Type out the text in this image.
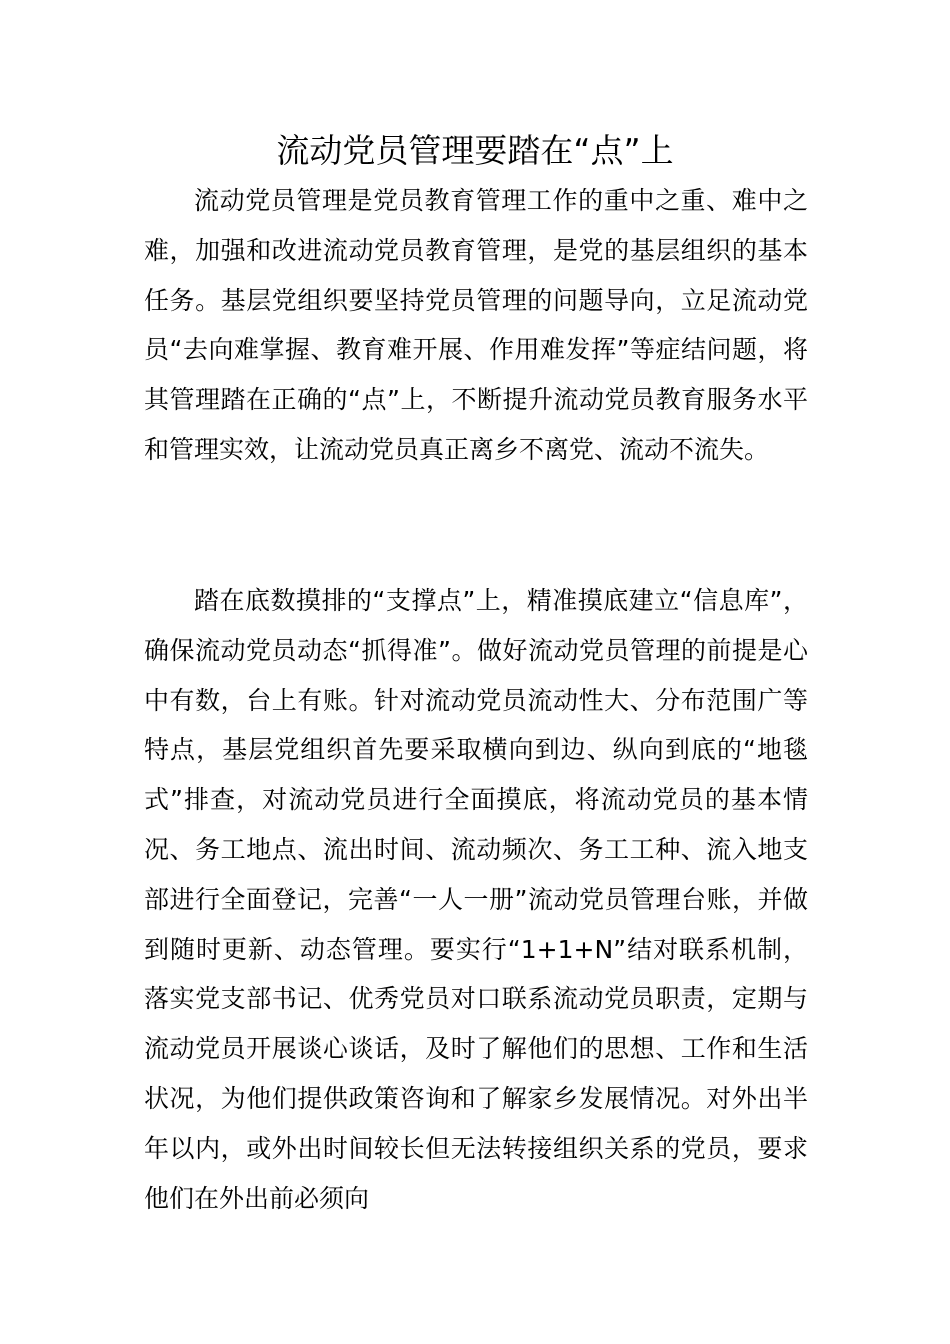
流动党员管理要踏在“点”上

流动党员管理是党员教育管理工作的重中之重、难中之难，加强和改进流动党员教育管理，是党的基层组织的基本任务。基层党组织要坚持党员管理的问题导向，立足流动党员“去向难掌握、教育难开展、作用难发挥”等症结问题，将其管理踏在正确的“点”上，不断提升流动党员教育服务水平和管理实效，让流动党员真正离乡不离党、流动不流失。

踏在底数摸排的“支撑点”上，精准摸底建立“信息库”，确保流动党员动态“抓得准”。做好流动党员管理的前提是心中有数，台上有账。针对流动党员流动性大、分布范围广等特点，基层党组织首先要采取横向到边、纵向到底的“地毯式”排查，对流动党员进行全面摸底，将流动党员的基本情况、务工地点、流出时间、流动频次、务工工种、流入地支部进行全面登记，完善“一人一册”流动党员管理台账，并做到随时更新、动态管理。要实行“1+1+N”结对联系机制，落实党支部书记、优秀党员对口联系流动党员职责，定期与流动党员开展谈心谈话，及时了解他们的思想、工作和生活状况，为他们提供政策咨询和了解家乡发展情况。对外出半年以内，或外出时间较长但无法转接组织关系的党员，要求他们在外出前必须向
